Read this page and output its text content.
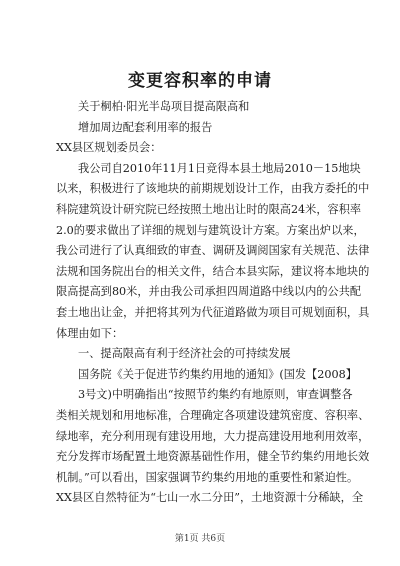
变更容积率的申请
关于桐柏·阳光半岛项目提高限高和
增加周边配套利用率的报告
XX县区规划委员会：
我公司自2010年11月1日竞得本县土地局2010－15地块
以来，积极进行了该地块的前期规划设计工作，由我方委托的中
科院建筑设计研究院已经按照土地出让时的限高24米，容积率
2.0的要求做出了详细的规划与建筑设计方案。方案出炉以来，
我公司进行了认真细致的审查、调研及调阅国家有关规范、法律
法规和国务院出台的相关文件，结合本县实际，建议将本地块的
限高提高到80米，并由我公司承担四周道路中线以内的公共配
套土地出让金，并把将其列为代征道路做为项目可规划面积，具
体理由如下：
一、提高限高有利于经济社会的可持续发展
国务院《关于促进节约集约用地的通知》(国发【2008】
3号文)中明确指出“按照节约集约有地原则，审查调整各
类相关规划和用地标准，合理确定各项建设建筑密度、容积率、
绿地率，充分利用现有建设用地，大力提高建设用地利用效率，
充分发挥市场配置土地资源基础性作用，健全节约集约用地长效
机制。”可以看出，国家强调节约集约用地的重要性和紧迫性。
XX县区自然特征为“七山一水二分田”，土地资源十分稀缺，全
第1页 共6页
